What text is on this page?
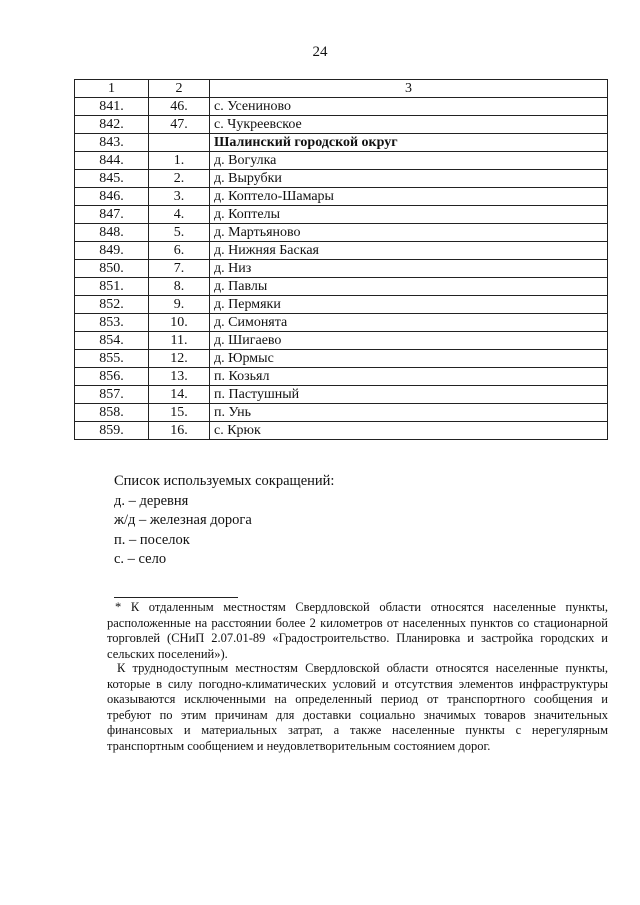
24
1	2	3
841.	46.	с. Усениново
842.	47.	с. Чукреевское
843.		Шалинский городской округ
844.	1.	д. Вогулка
845.	2.	д. Вырубки
846.	3.	д. Коптело-Шамары
847.	4.	д. Коптелы
848.	5.	д. Мартьяново
849.	6.	д. Нижняя Баская
850.	7.	д. Низ
851.	8.	д. Павлы
852.	9.	д. Пермяки
853.	10.	д. Симонята
854.	11.	д. Шигаево
855.	12.	д. Юрмыс
856.	13.	п. Козьял
857.	14.	п. Пастушный
858.	15.	п. Унь
859.	16.	с. Крюк
Список используемых сокращений:
д. – деревня
ж/д – железная дорога
п. – поселок
с. – село
* К отдаленным местностям Свердловской области относятся населенные пункты, расположенные на расстоянии более 2 километров от населенных пунктов со стационарной торговлей (СНиП 2.07.01-89 «Градостроительство. Планировка и застройка городских и сельских поселений»).
К труднодоступным местностям Свердловской области относятся населенные пункты, которые в силу погодно-климатических условий и отсутствия элементов инфраструктуры оказываются исключенными на определенный период от транспортного сообщения и требуют по этим причинам для доставки социально значимых товаров значительных финансовых и материальных затрат, а также населенные пункты с нерегулярным транспортным сообщением и неудовлетворительным состоянием дорог.
